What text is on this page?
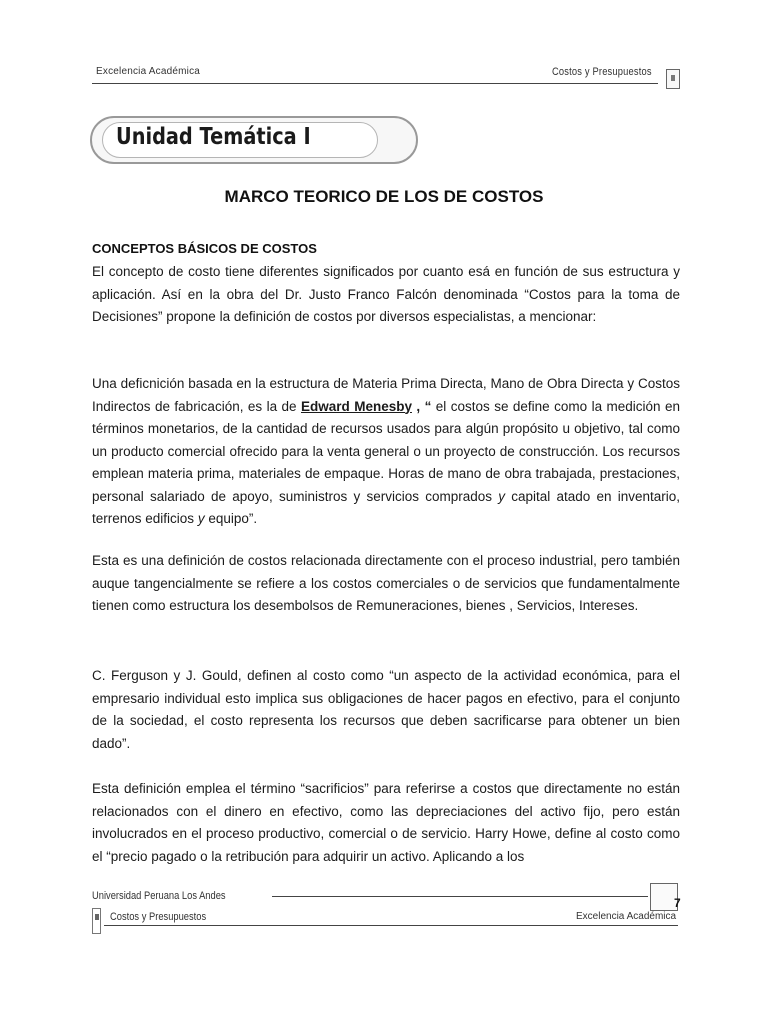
Excelencia Académica	Costos y Presupuestos
Unidad Temática I
MARCO TEORICO DE LOS DE COSTOS
CONCEPTOS BÁSICOS DE COSTOS
El concepto de costo tiene diferentes significados por cuanto esá en función de sus estructura y aplicación. Así en la obra del Dr. Justo Franco Falcón denominada “Costos para la toma de Decisiones” propone la definición de costos por diversos especialistas, a mencionar:
Una deficnición basada en la estructura de Materia Prima Directa, Mano de Obra Directa y Costos Indirectos de fabricación, es la de Edward Menesby , “ el costos se define como la medición en términos monetarios, de la cantidad de recursos usados para algún propósito u objetivo, tal como un producto comercial ofrecido para la venta general o un proyecto de construcción. Los recursos emplean materia prima, materiales de empaque. Horas de mano de obra trabajada, prestaciones, personal salariado de apoyo, suministros y servicios comprados y capital atado en inventario, terrenos edificios y equipo”.
Esta es una definición de costos relacionada directamente con el proceso industrial, pero también auque tangencialmente se refiere a los costos comerciales o de servicios que fundamentalmente tienen como estructura los desembolsos de Remuneraciones, bienes , Servicios, Intereses.
C. Ferguson y J. Gould, definen al costo como “un aspecto de la actividad económica, para el empresario individual esto implica sus obligaciones de hacer pagos en efectivo, para el conjunto de la sociedad, el costo representa los recursos que deben sacrificarse para obtener un bien dado”.
Esta definición emplea el término “sacrificios” para referirse a costos que directamente no están relacionados con el dinero en efectivo, como las depreciaciones del activo fijo, pero están involucrados en el proceso productivo, comercial o de servicio. Harry Howe, define al costo como el “precio pagado o la retribución para adquirir un activo. Aplicando a los
Universidad Peruana Los Andes	7
Costos y Presupuestos	Excelencia Académica
